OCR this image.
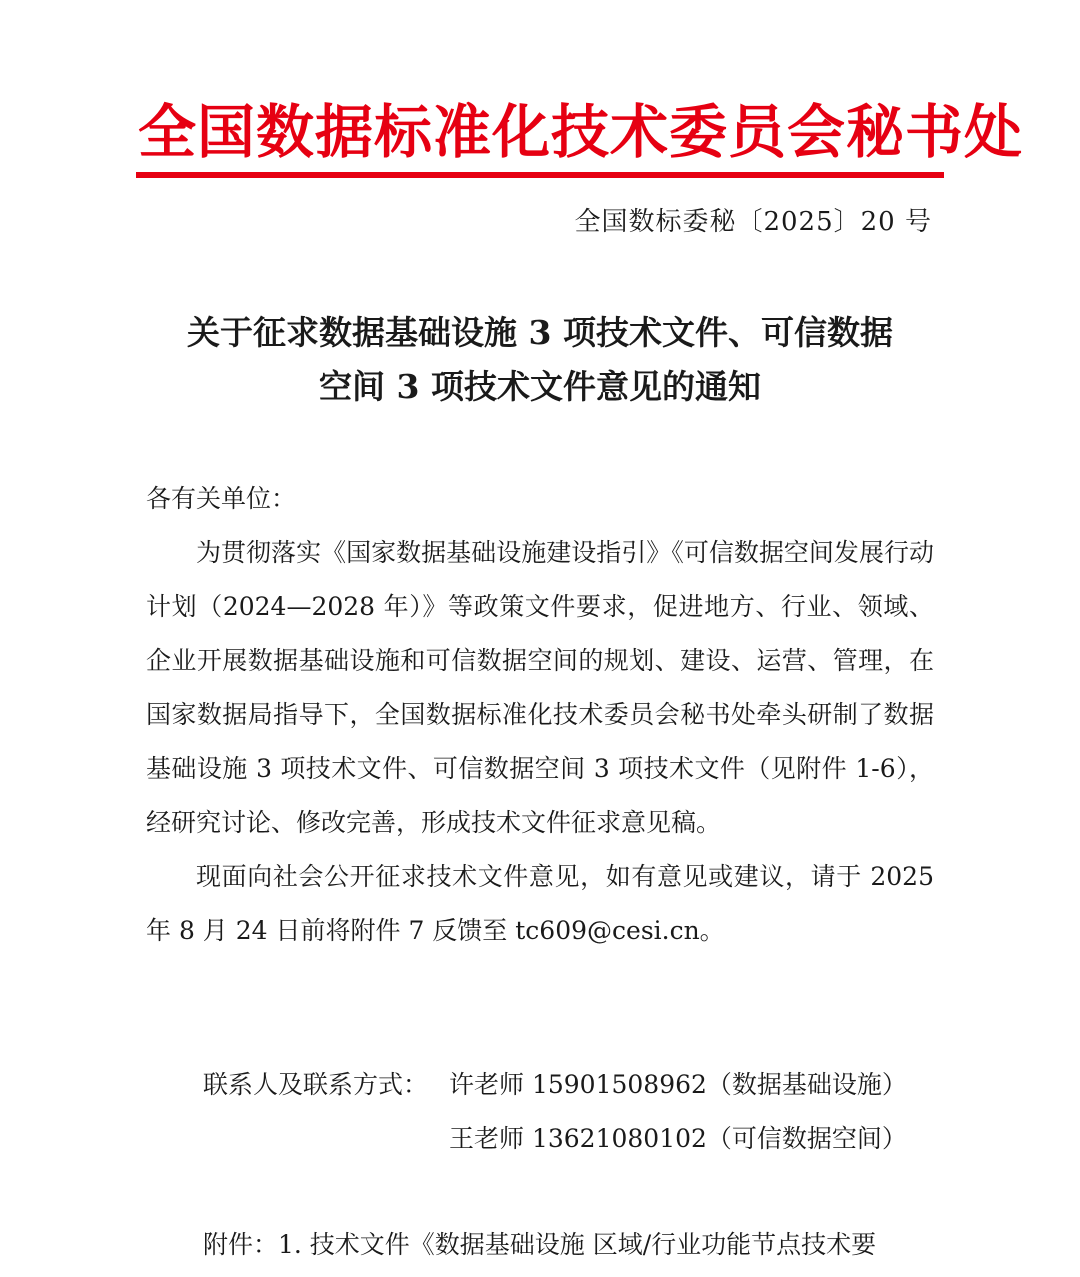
全国数据标准化技术委员会秘书处
全国数标委秘〔2025〕20 号
关于征求数据基础设施 3 项技术文件、可信数据
空间 3 项技术文件意见的通知

各有关单位：

为贯彻落实《国家数据基础设施建设指引》《可信数据空间发展行动计划（2024—2028 年）》等政策文件要求，促进地方、行业、领域、企业开展数据基础设施和可信数据空间的规划、建设、运营、管理，在国家数据局指导下，全国数据标准化技术委员会秘书处牵头研制了数据基础设施 3 项技术文件、可信数据空间 3 项技术文件（见附件 1-6），经研究讨论、修改完善，形成技术文件征求意见稿。

现面向社会公开征求技术文件意见，如有意见或建议，请于 2025 年 8 月 24 日前将附件 7 反馈至 tc609@cesi.cn。

联系人及联系方式： 许老师 15901508962（数据基础设施）
王老师 13621080102（可信数据空间）
附件：1. 技术文件《数据基础设施 区域/行业功能节点技术要
